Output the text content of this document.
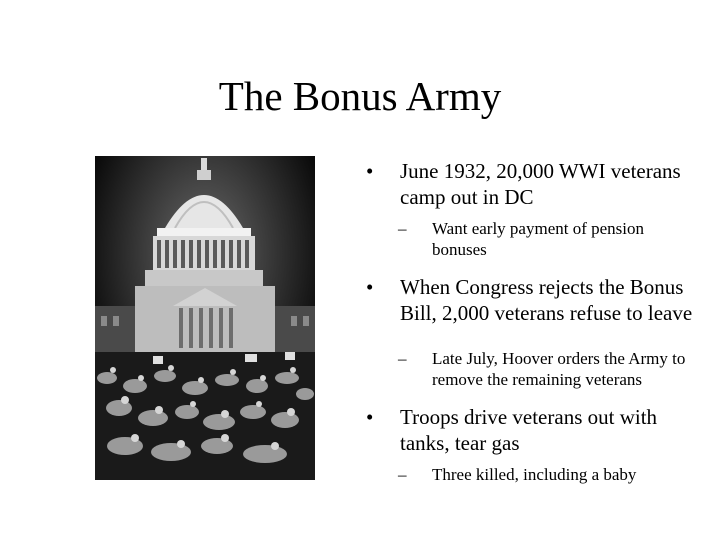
The Bonus Army
•	June 1932, 20,000 WWI veterans camp out in DC
–	Want early payment of pension bonuses
•	When Congress rejects the Bonus Bill, 2,000 veterans refuse to leave
–	Late July, Hoover orders the Army to remove the remaining veterans
•	Troops drive veterans out with tanks, tear gas
–	Three killed, including a baby
